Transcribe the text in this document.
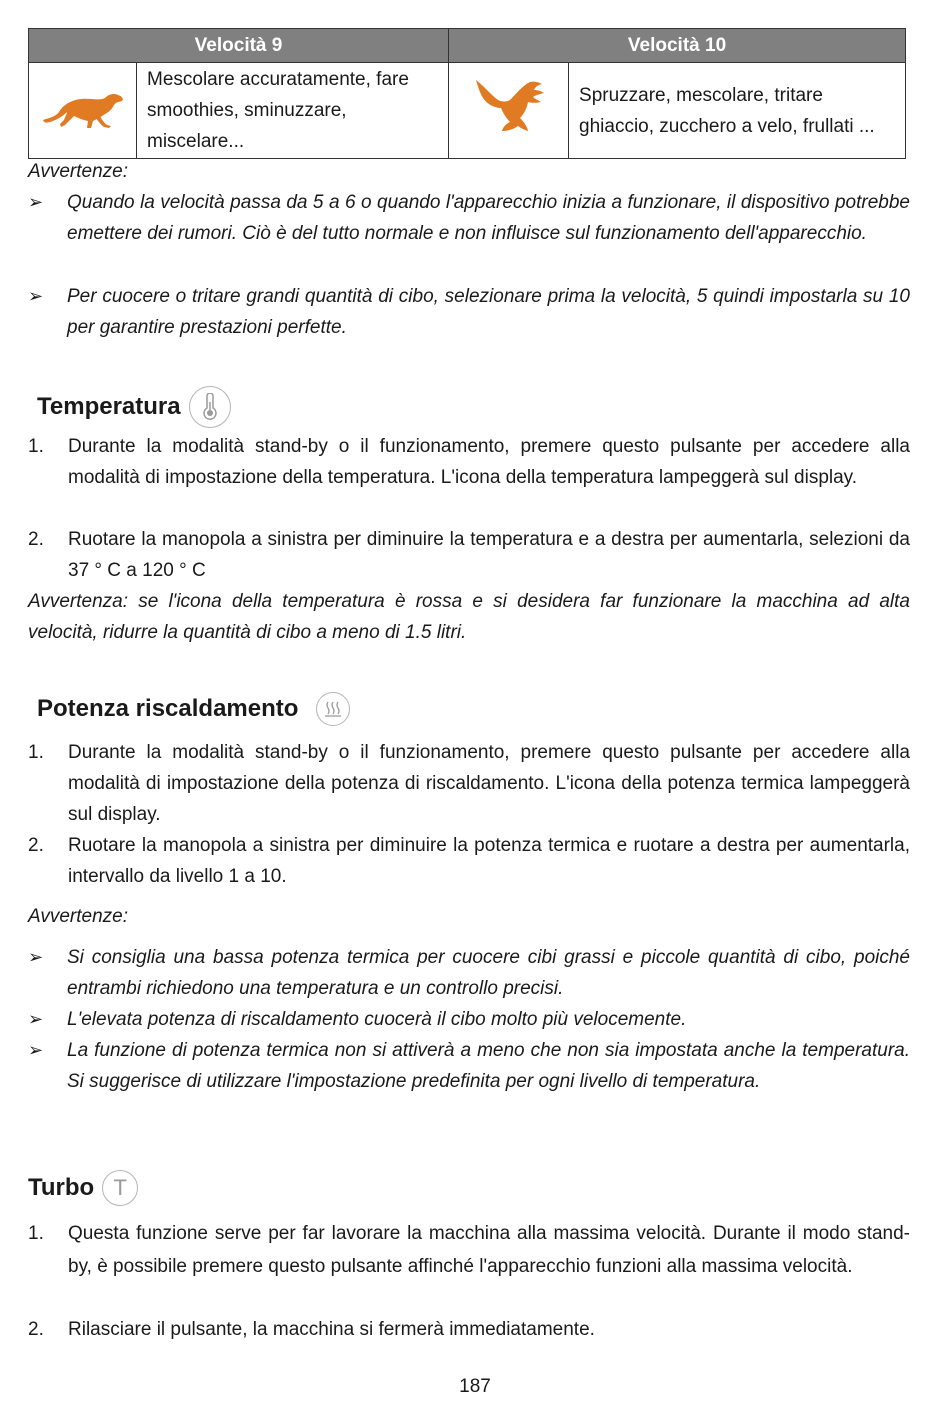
Velocità 9		Velocità 10	
	Mescolare accuratamente, fare smoothies, sminuzzare, miscelare...		Spruzzare, mescolare, tritare ghiaccio, zucchero a velo, frullati ...
Avvertenze:
➢ Quando la velocità passa da 5 a 6 o quando l'apparecchio inizia a funzionare, il dispositivo potrebbe emettere dei rumori. Ciò è del tutto normale e non influisce sul funzionamento dell'apparecchio.
➢ Per cuocere o tritare grandi quantità di cibo, selezionare prima la velocità, 5 quindi impostarla su 10 per garantire prestazioni perfette.
Temperatura
1. Durante la modalità stand-by o il funzionamento, premere questo pulsante per accedere alla modalità di impostazione della temperatura. L'icona della temperatura lampeggerà sul display.
2. Ruotare la manopola a sinistra per diminuire la temperatura e a destra per aumentarla, selezioni da 37 ° C a 120 ° C
Avvertenza: se l'icona della temperatura è rossa e si desidera far funzionare la macchina ad alta velocità, ridurre la quantità di cibo a meno di 1.5 litri.
Potenza riscaldamento
1. Durante la modalità stand-by o il funzionamento, premere questo pulsante per accedere alla modalità di impostazione della potenza di riscaldamento. L'icona della potenza termica lampeggerà sul display.
2. Ruotare la manopola a sinistra per diminuire la potenza termica e ruotare a destra per aumentarla, intervallo da livello 1 a 10.
Avvertenze:
➢ Si consiglia una bassa potenza termica per cuocere cibi grassi e piccole quantità di cibo, poiché entrambi richiedono una temperatura e un controllo precisi.
➢ L'elevata potenza di riscaldamento cuocerà il cibo molto più velocemente.
➢ La funzione di potenza termica non si attiverà a meno che non sia impostata anche la temperatura. Si suggerisce di utilizzare l'impostazione predefinita per ogni livello di temperatura.
Turbo T
1. Questa funzione serve per far lavorare la macchina alla massima velocità. Durante il modo stand-by, è possibile premere questo pulsante affinché l'apparecchio funzioni alla massima velocità.
2. Rilasciare il pulsante, la macchina si fermerà immediatamente.
187
